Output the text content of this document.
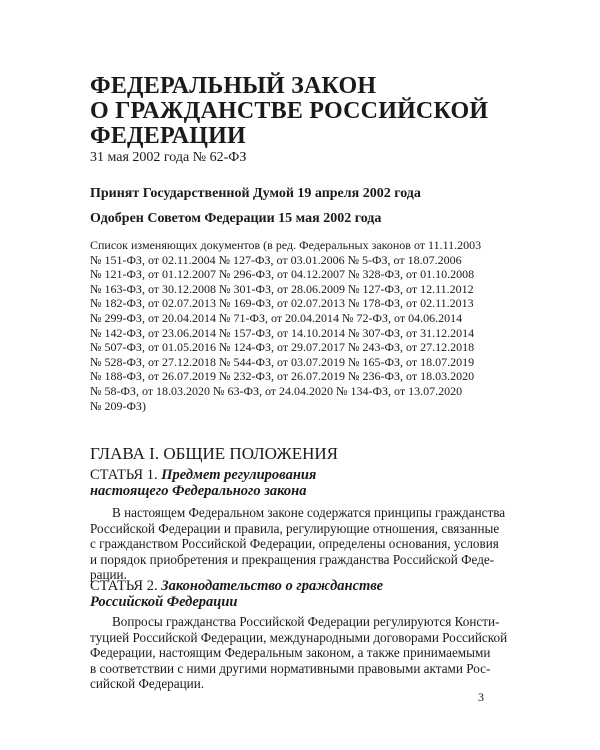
ФЕДЕРАЛЬНЫЙ ЗАКОН
О ГРАЖДАНСТВЕ РОССИЙСКОЙ
ФЕДЕРАЦИИ
31 мая 2002 года № 62-ФЗ
Принят Государственной Думой 19 апреля 2002 года
Одобрен Советом Федерации 15 мая 2002 года
Список изменяющих документов (в ред. Федеральных законов от 11.11.2003
№ 151-ФЗ, от 02.11.2004 № 127-ФЗ, от 03.01.2006 № 5-ФЗ, от 18.07.2006
№ 121-ФЗ, от 01.12.2007 № 296-ФЗ, от 04.12.2007 № 328-ФЗ, от 01.10.2008
№ 163-ФЗ, от 30.12.2008 № 301-ФЗ, от 28.06.2009 № 127-ФЗ, от 12.11.2012
№ 182-ФЗ, от 02.07.2013 № 169-ФЗ, от 02.07.2013 № 178-ФЗ, от 02.11.2013
№ 299-ФЗ, от 20.04.2014 № 71-ФЗ, от 20.04.2014 № 72-ФЗ, от 04.06.2014
№ 142-ФЗ, от 23.06.2014 № 157-ФЗ, от 14.10.2014 № 307-ФЗ, от 31.12.2014
№ 507-ФЗ, от 01.05.2016 № 124-ФЗ, от 29.07.2017 № 243-ФЗ, от 27.12.2018
№ 528-ФЗ, от 27.12.2018 № 544-ФЗ, от 03.07.2019 № 165-ФЗ, от 18.07.2019
№ 188-ФЗ, от 26.07.2019 № 232-ФЗ, от 26.07.2019 № 236-ФЗ, от 18.03.2020
№ 58-ФЗ, от 18.03.2020 № 63-ФЗ, от 24.04.2020 № 134-ФЗ, от 13.07.2020
№ 209-ФЗ)
ГЛАВА I. ОБЩИЕ ПОЛОЖЕНИЯ
СТАТЬЯ 1. Предмет регулирования
настоящего Федерального закона
В настоящем Федеральном законе содержатся принципы гражданства
Российской Федерации и правила, регулирующие отношения, связанные
с гражданством Российской Федерации, определены основания, условия
и порядок приобретения и прекращения гражданства Российской Феде-
рации.
СТАТЬЯ 2. Законодательство о гражданстве
Российской Федерации
Вопросы гражданства Российской Федерации регулируются Консти-
туцией Российской Федерации, международными договорами Российской
Федерации, настоящим Федеральным законом, а также принимаемыми
в соответствии с ними другими нормативными правовыми актами Рос-
сийской Федерации.
3
